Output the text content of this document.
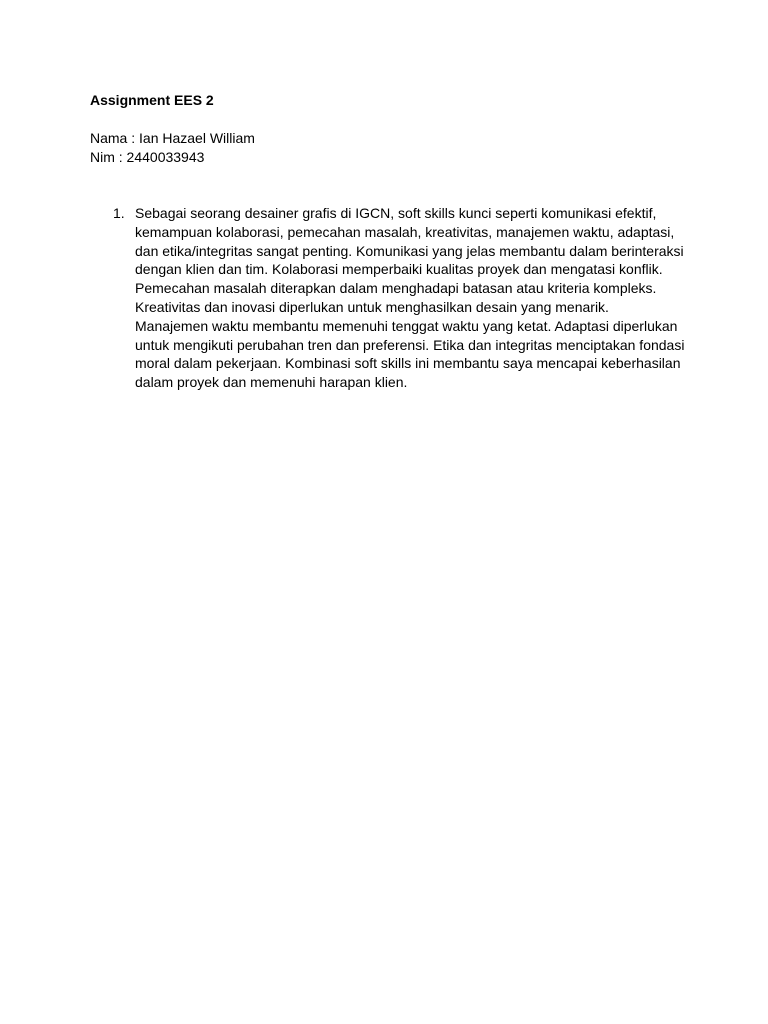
Assignment EES 2
Nama : Ian Hazael William
Nim : 2440033943
1. Sebagai seorang desainer grafis di IGCN, soft skills kunci seperti komunikasi efektif,
kemampuan kolaborasi, pemecahan masalah, kreativitas, manajemen waktu, adaptasi,
dan etika/integritas sangat penting. Komunikasi yang jelas membantu dalam berinteraksi
dengan klien dan tim. Kolaborasi memperbaiki kualitas proyek dan mengatasi konflik.
Pemecahan masalah diterapkan dalam menghadapi batasan atau kriteria kompleks.
Kreativitas dan inovasi diperlukan untuk menghasilkan desain yang menarik.
Manajemen waktu membantu memenuhi tenggat waktu yang ketat. Adaptasi diperlukan
untuk mengikuti perubahan tren dan preferensi. Etika dan integritas menciptakan fondasi
moral dalam pekerjaan. Kombinasi soft skills ini membantu saya mencapai keberhasilan
dalam proyek dan memenuhi harapan klien.
